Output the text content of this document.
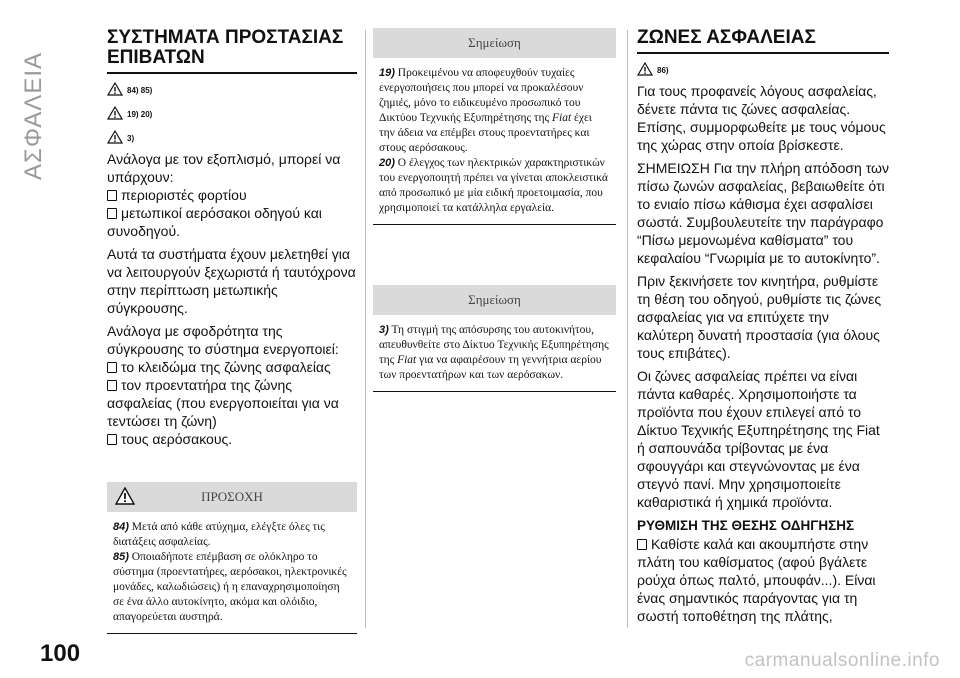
ΑΣΦΑΛΕΙΑ
ΣΥΣΤΗΜΑΤΑ ΠΡΟΣΤΑΣΙΑΣ
ΕΠΙΒΑΤΩΝ
84) 85)
19) 20)
3)

Ανάλογα με τον εξοπλισμό, μπορεί να υπάρχουν:

περιοριστές φορτίου
μετωπικοί αερόσακοι οδηγού και

συνοδηγού.

Αυτά τα συστήματα έχουν μελετηθεί για να λειτουργούν ξεχωριστά ή ταυτόχρονα στην περίπτωση μετωπικής σύγκρουσης.

Ανάλογα με σφοδρότητα της σύγκρουσης το σύστημα ενεργοποιεί:

το κλειδώμα της ζώνης ασφαλείας
τον προεντατήρα της ζώνης

ασφαλείας (που ενεργοποιείται για να τεντώσει τη ζώνη)

τους αερόσακους.
ΠΡΟΣΟΧΗ

84) Μετά από κάθε ατύχημα, ελέγξτε όλες τις διατάξεις ασφαλείας.

85) Οποιαδήποτε επέμβαση σε ολόκληρο το σύστημα (προεντατήρες, αερόσακοι, ηλεκτρονικές μονάδες, καλωδιώσεις) ή η επαναχρησιμοποίηση σε ένα άλλο αυτοκίνητο, ακόμα και ολόιδιο, απαγορεύεται αυστηρά.

Σημείωση

19) Προκειμένου να αποφευχθούν τυχαίες ενεργοποιήσεις που μπορεί να προκαλέσουν ζημιές, μόνο το ειδικευμένο προσωπικό του Δικτύου Τεχνικής Εξυπηρέτησης της Fiat έχει την άδεια να επέμβει στους προεντατήρες και στους αερόσακους.

20) Ο έλεγχος των ηλεκτρικών χαρακτηριστικών του ενεργοποιητή πρέπει να γίνεται αποκλειστικά από προσωπικό με μία ειδική προετοιμασία, που χρησιμοποιεί τα κατάλληλα εργαλεία.

Σημείωση

3) Τη στιγμή της απόσυρσης του αυτοκινήτου, απευθυνθείτε στο Δίκτυο Τεχνικής Εξυπηρέτησης της Fiat για να αφαιρέσουν τη γεννήτρια αερίου των προεντατήρων και των αερόσακων.

ΖΩΝΕΣ ΑΣΦΑΛΕΙΑΣ
86)

Για τους προφανείς λόγους ασφαλείας, δένετε πάντα τις ζώνες ασφαλείας. Επίσης, συμμορφωθείτε με τους νόμους της χώρας στην οποία βρίσκεστε.

ΣΗΜΕΙΩΣΗ Για την πλήρη απόδοση των πίσω ζωνών ασφαλείας, βεβαιωθείτε ότι το ενιαίο πίσω κάθισμα έχει ασφαλίσει σωστά. Συμβουλευτείτε την παράγραφο “Πίσω μεμονωμένα καθίσματα” του κεφαλαίου “Γνωριμία με το αυτοκίνητο”.

Πριν ξεκινήσετε τον κινητήρα, ρυθμίστε τη θέση του οδηγού, ρυθμίστε τις ζώνες ασφαλείας για να επιτύχετε την καλύτερη δυνατή προστασία (για όλους τους επιβάτες).

Οι ζώνες ασφαλείας πρέπει να είναι πάντα καθαρές. Χρησιμοποιήστε τα προϊόντα που έχουν επιλεγεί από το Δίκτυο Τεχνικής Εξυπηρέτησης της Fiat ή σαπουνάδα τρίβοντας με ένα σφουγγάρι και στεγνώνοντας με ένα στεγνό πανί. Μην χρησιμοποιείτε καθαριστικά ή χημικά προϊόντα.

ΡΥΘΜΙΣΗ ΤΗΣ ΘΕΣΗΣ ΟΔΗΓΗΣΗΣ
Καθίστε καλά και ακουμπήστε στην

πλάτη του καθίσματος (αφού βγάλετε ρούχα όπως παλτό, μπουφάν...). Είναι ένας σημαντικός παράγοντας για τη σωστή τοποθέτηση της πλάτης,

100	carmanualsonline.info
